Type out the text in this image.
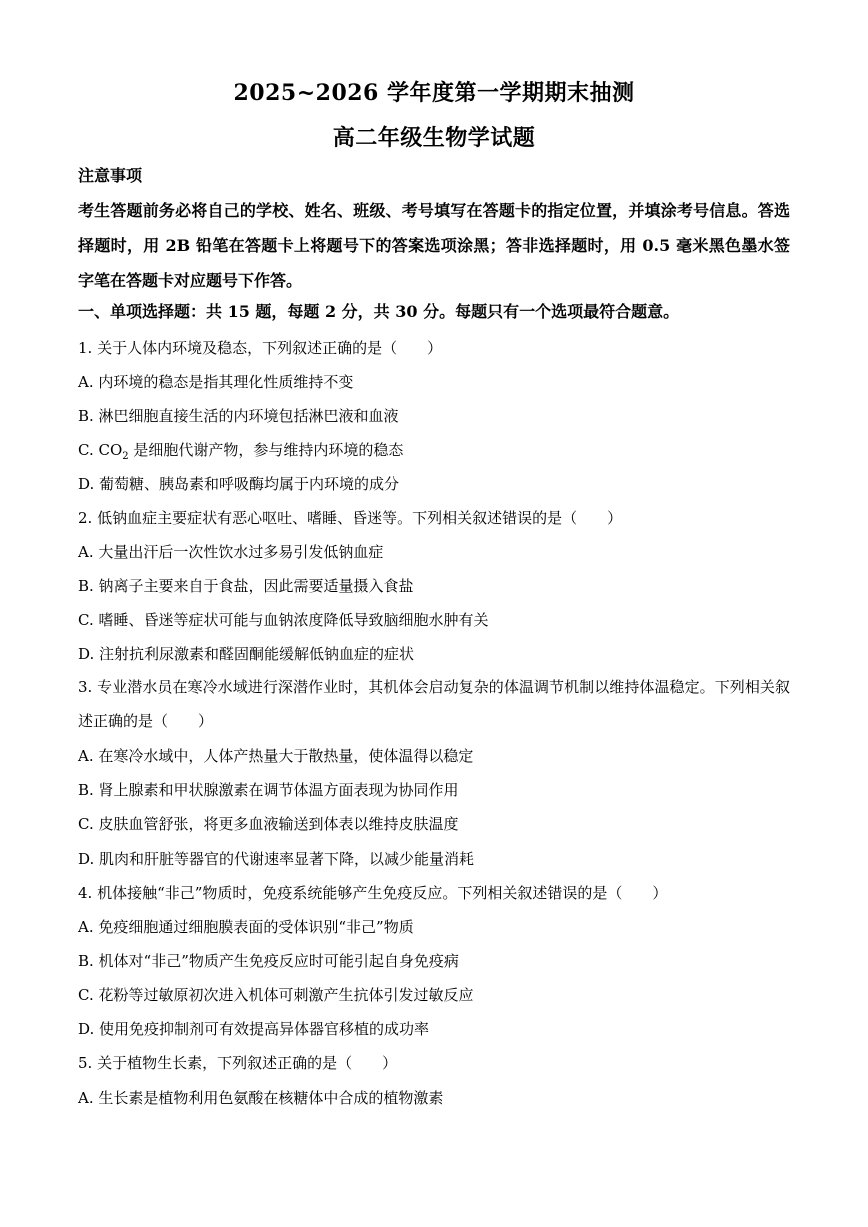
2025~2026 学年度第一学期期末抽测
高二年级生物学试题
注意事项
考生答题前务必将自己的学校、姓名、班级、考号填写在答题卡的指定位置，并填涂考号信息。答选择题时，用 2B 铅笔在答题卡上将题号下的答案选项涂黑；答非选择题时，用 0.5 毫米黑色墨水签字笔在答题卡对应题号下作答。
一、单项选择题：共 15 题，每题 2 分，共 30 分。每题只有一个选项最符合题意。
1. 关于人体内环境及稳态，下列叙述正确的是（　　）
A. 内环境的稳态是指其理化性质维持不变
B. 淋巴细胞直接生活的内环境包括淋巴液和血液
C. $CO_2$ 是细胞代谢产物，参与维持内环境的稳态
D. 葡萄糖、胰岛素和呼吸酶均属于内环境的成分
2. 低钠血症主要症状有恶心呕吐、嗜睡、昏迷等。下列相关叙述错误的是（　　）
A. 大量出汗后一次性饮水过多易引发低钠血症
B. 钠离子主要来自于食盐，因此需要适量摄入食盐
C. 嗜睡、昏迷等症状可能与血钠浓度降低导致脑细胞水肿有关
D. 注射抗利尿激素和醛固酮能缓解低钠血症的症状
3. 专业潜水员在寒冷水域进行深潜作业时，其机体会启动复杂的体温调节机制以维持体温稳定。下列相关叙述正确的是（　　）
A. 在寒冷水域中，人体产热量大于散热量，使体温得以稳定
B. 肾上腺素和甲状腺激素在调节体温方面表现为协同作用
C. 皮肤血管舒张，将更多血液输送到体表以维持皮肤温度
D. 肌肉和肝脏等器官的代谢速率显著下降，以减少能量消耗
4. 机体接触“非己”物质时，免疫系统能够产生免疫反应。下列相关叙述错误的是（　　）
A. 免疫细胞通过细胞膜表面的受体识别“非己”物质
B. 机体对“非己”物质产生免疫反应时可能引起自身免疫病
C. 花粉等过敏原初次进入机体可刺激产生抗体引发过敏反应
D. 使用免疫抑制剂可有效提高异体器官移植的成功率
5. 关于植物生长素，下列叙述正确的是（　　）
A. 生长素是植物利用色氨酸在核糖体中合成的植物激素
